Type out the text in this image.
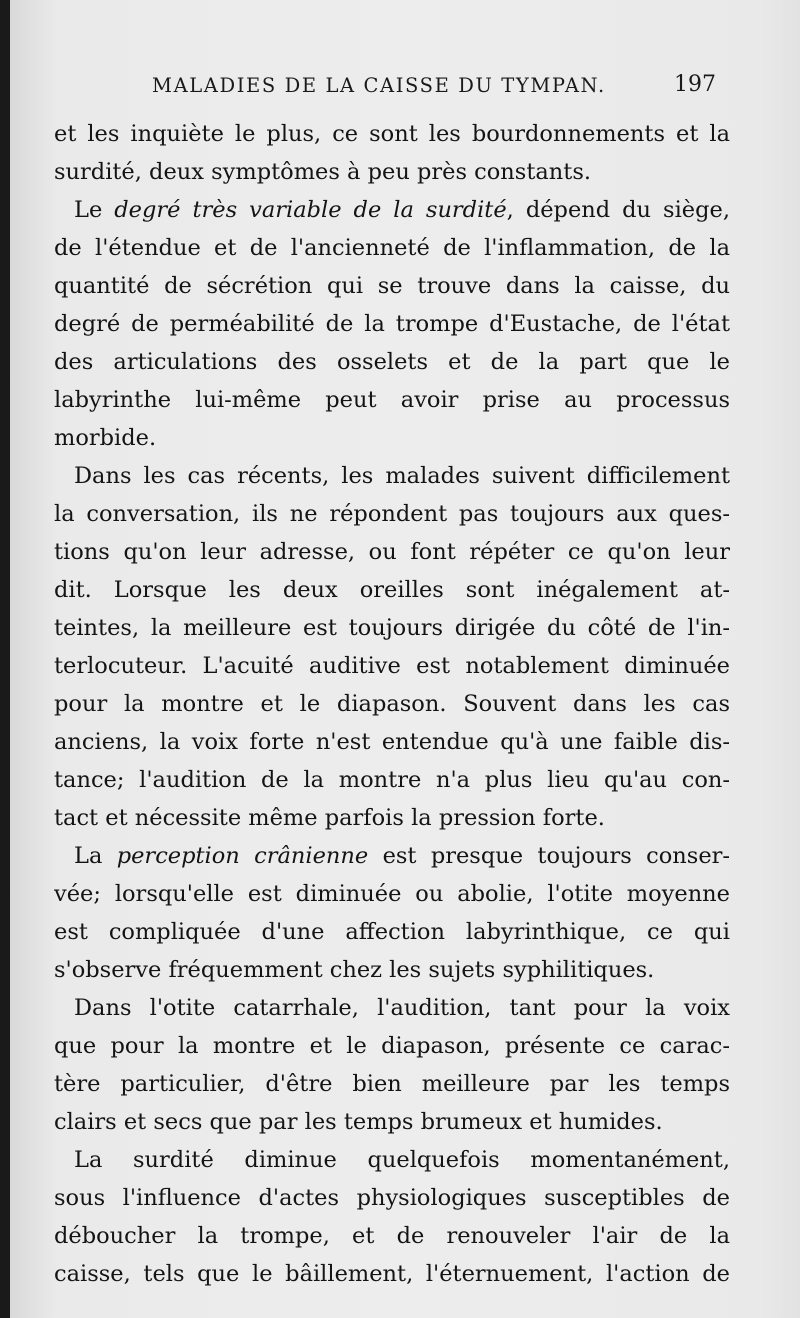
MALADIES DE LA CAISSE DU TYMPAN.	197

et les inquiète le plus, ce sont les bourdonnements et la
surdité, deux symptômes à peu près constants.

Le degré très variable de la surdité, dépend du siège,
de l'étendue et de l'ancienneté de l'inflammation, de la
quantité de sécrétion qui se trouve dans la caisse, du
degré de perméabilité de la trompe d'Eustache, de l'état
des articulations des osselets et de la part que le
labyrinthe lui-même peut avoir prise au processus
morbide.

Dans les cas récents, les malades suivent difficilement
la conversation, ils ne répondent pas toujours aux ques-
tions qu'on leur adresse, ou font répéter ce qu'on leur
dit. Lorsque les deux oreilles sont inégalement at-
teintes, la meilleure est toujours dirigée du côté de l'in-
terlocuteur. L'acuité auditive est notablement diminuée
pour la montre et le diapason. Souvent dans les cas
anciens, la voix forte n'est entendue qu'à une faible dis-
tance; l'audition de la montre n'a plus lieu qu'au con-
tact et nécessite même parfois la pression forte.

La perception crânienne est presque toujours conser-
vée; lorsqu'elle est diminuée ou abolie, l'otite moyenne
est compliquée d'une affection labyrinthique, ce qui
s'observe fréquemment chez les sujets syphilitiques.

Dans l'otite catarrhale, l'audition, tant pour la voix
que pour la montre et le diapason, présente ce carac-
tère particulier, d'être bien meilleure par les temps
clairs et secs que par les temps brumeux et humides.

La surdité diminue quelquefois momentanément,
sous l'influence d'actes physiologiques susceptibles de
déboucher la trompe, et de renouveler l'air de la
caisse, tels que le bâillement, l'éternuement, l'action de
